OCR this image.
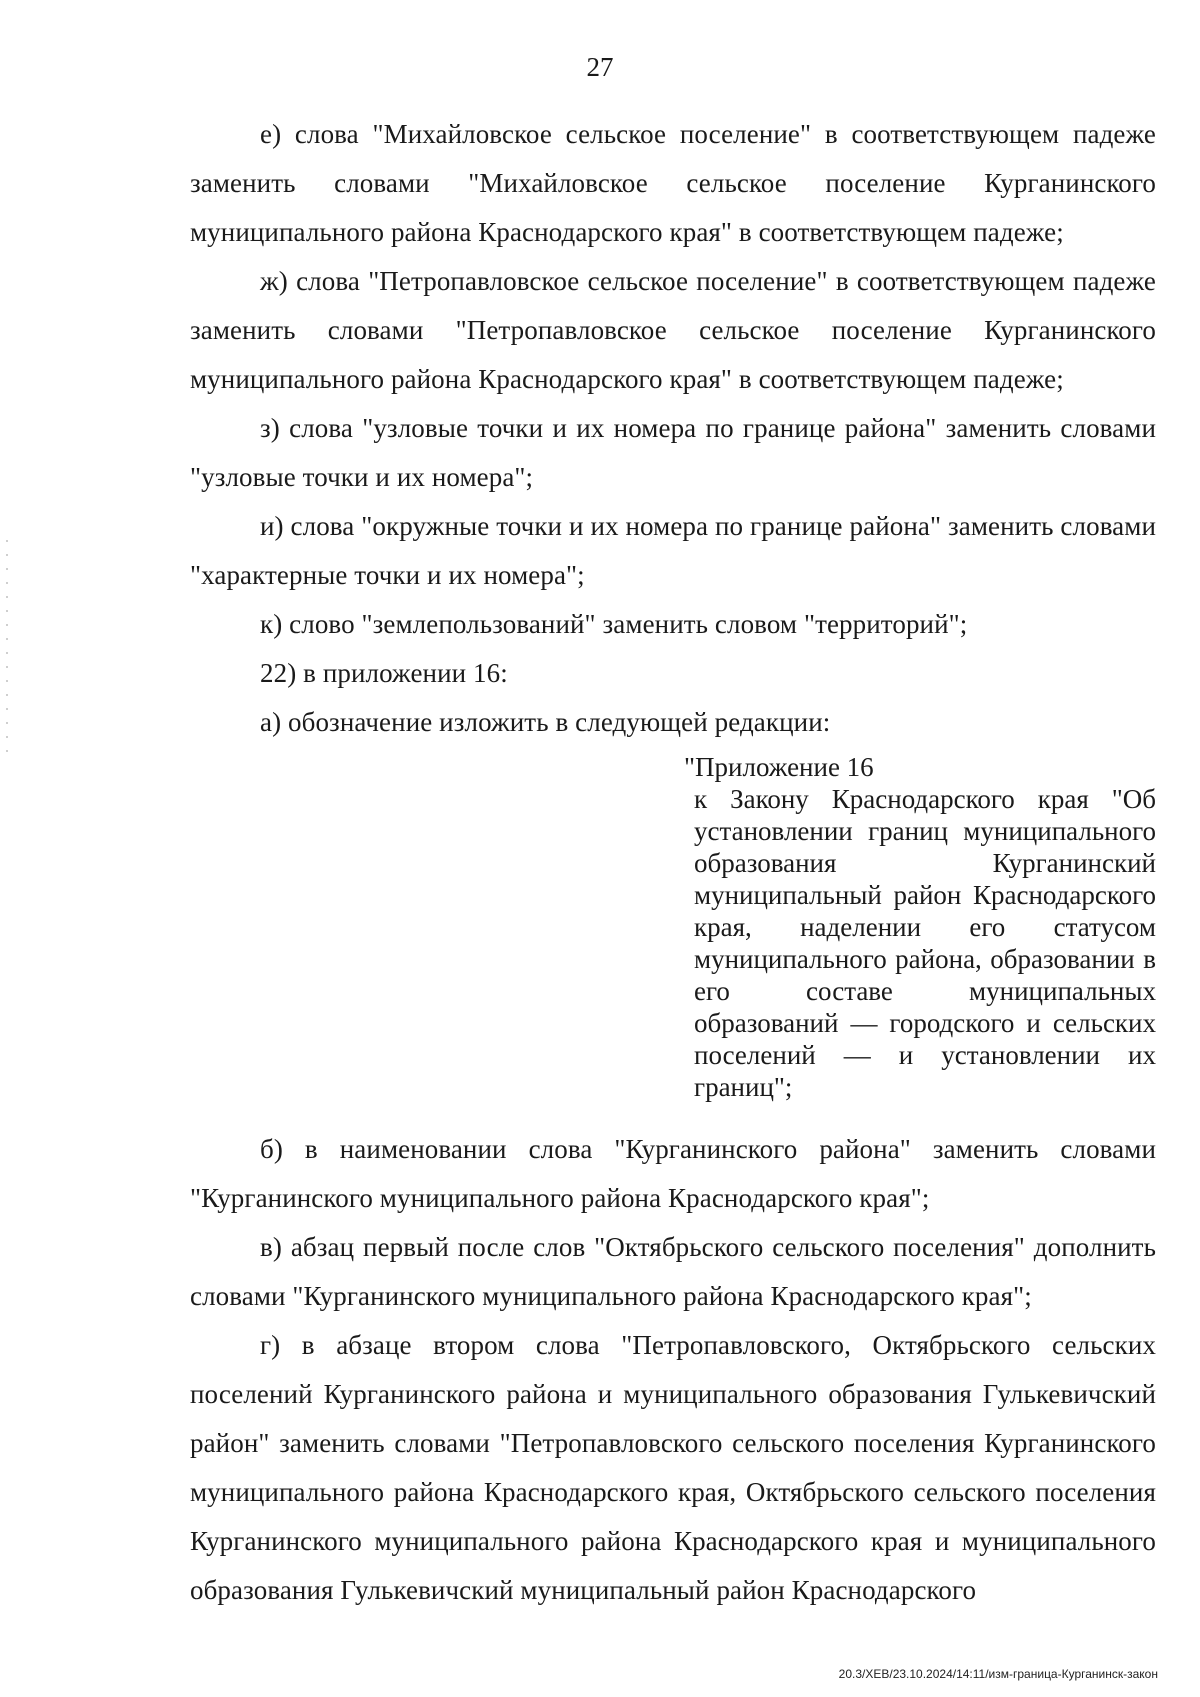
27

е) слова "Михайловское сельское поселение" в соответствующем падеже заменить словами "Михайловское сельское поселение Курганинского муниципального района Краснодарского края" в соответствующем падеже;

ж) слова "Петропавловское сельское поселение" в соответствующем падеже заменить словами "Петропавловское сельское поселение Курганинского муниципального района Краснодарского края" в соответствующем падеже;

з) слова "узловые точки и их номера по границе района" заменить словами "узловые точки и их номера";

и) слова "окружные точки и их номера по границе района" заменить словами "характерные точки и их номера";

к) слово "землепользований" заменить словом "территорий";

22) в приложении 16:

а) обозначение изложить в следующей редакции:

"Приложение 16

к Закону Краснодарского края "Об установлении границ муниципального образования Курганинский муниципальный район Краснодарского края, наделении его статусом муниципального района, образовании в его составе муниципальных образований — городского и сельских поселений — и установлении их границ";

б) в наименовании слова "Курганинского района" заменить словами "Курганинского муниципального района Краснодарского края";

в) абзац первый после слов "Октябрьского сельского поселения" дополнить словами "Курганинского муниципального района Краснодарского края";

г) в абзаце втором слова "Петропавловского, Октябрьского сельских поселений Курганинского района и муниципального образования Гулькевичский район" заменить словами "Петропавловского сельского поселения Курганинского муниципального района Краснодарского края, Октябрьского сельского поселения Курганинского муниципального района Краснодарского края и муниципального образования Гулькевичский муниципальный район Краснодарского

20.3/ХЕВ/23.10.2024/14:11/изм-граница-Курганинск-закон
